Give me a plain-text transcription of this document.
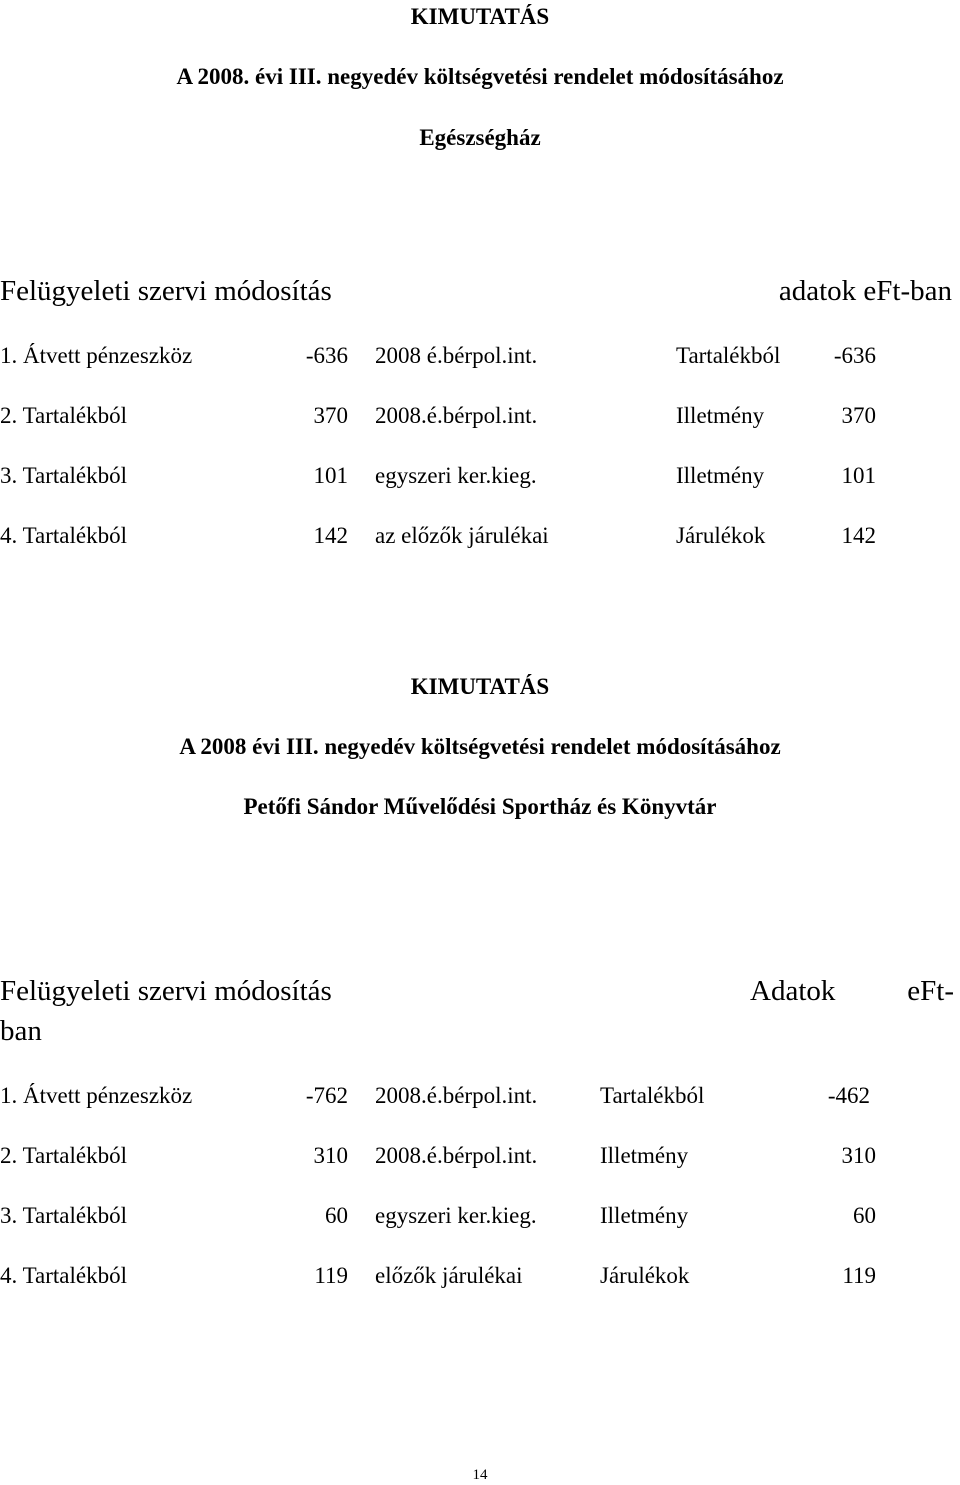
KIMUTATÁS
A 2008. évi III. negyedév költségvetési rendelet módosításához
Egészségház
Felügyeleti szervi módosítás	adatok eFt-ban
1. Átvett pénzeszköz	-636 2008 é.bérpol.int.	Tartalékból	-636
2. Tartalékból	370 2008.é.bérpol.int.	Illetmény	370
3. Tartalékból	101 egyszeri ker.kieg.	Illetmény	101
4. Tartalékból	142 az előzők járulékai	Járulékok	142
KIMUTATÁS
A 2008 évi III. negyedév költségvetési rendelet módosításához
Petőfi Sándor Művelődési Sportház és Könyvtár
Felügyeleti szervi módosítás	Adatok eFt-
ban
1. Átvett pénzeszköz	-762 2008.é.bérpol.int.	Tartalékból	-462
2. Tartalékból	310 2008.é.bérpol.int.	Illetmény	310
3. Tartalékból	60 egyszeri ker.kieg.	Illetmény	60
4. Tartalékból	119 előzők járulékai	Járulékok	119
14
